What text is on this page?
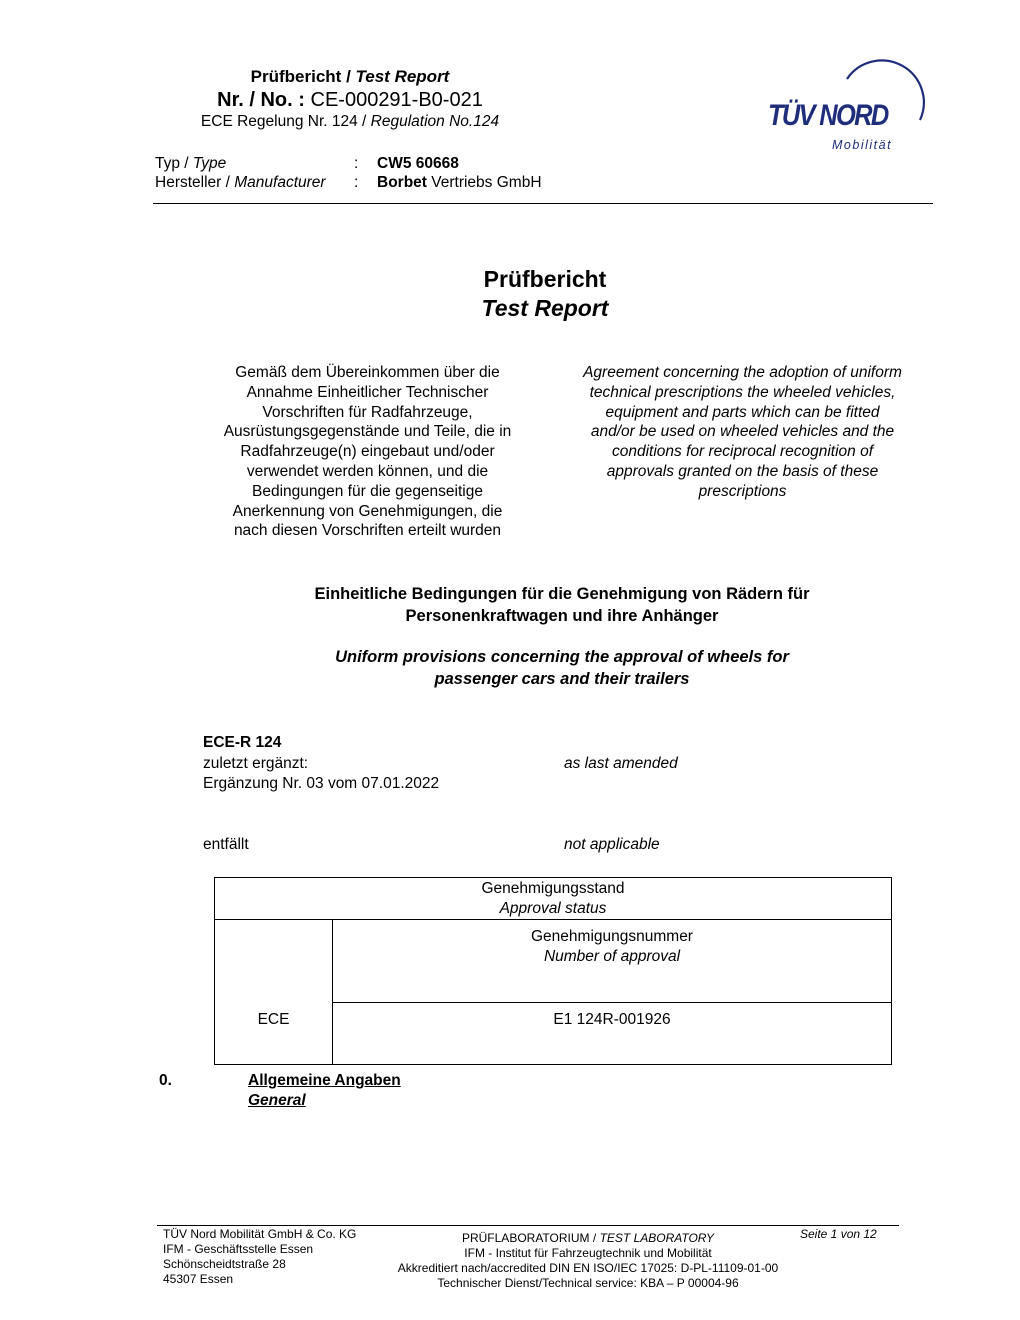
Prüfbericht / Test Report
Nr. / No. : CE-000291-B0-021
ECE Regelung Nr. 124 / Regulation No.124
Typ / Type	: CW5 60668
Hersteller / Manufacturer : Borbet Vertriebs GmbH
TÜV NORD
Mobilität
Prüfbericht
Test Report
Gemäß dem Übereinkommen über die
Annahme Einheitlicher Technischer
Vorschriften für Radfahrzeuge,
Ausrüstungsgegenstände und Teile, die in
Radfahrzeuge(n) eingebaut und/oder
verwendet werden können, und die
Bedingungen für die gegenseitige
Anerkennung von Genehmigungen, die
nach diesen Vorschriften erteilt wurden
Agreement concerning the adoption of uniform
technical prescriptions the wheeled vehicles,
equipment and parts which can be fitted
and/or be used on wheeled vehicles and the
conditions for reciprocal recognition of
approvals granted on the basis of these
prescriptions
Einheitliche Bedingungen für die Genehmigung von Rädern für
Personenkraftwagen und ihre Anhänger
Uniform provisions concerning the approval of wheels for
passenger cars and their trailers
ECE-R 124
zuletzt ergänzt:	as last amended
Ergänzung Nr. 03 vom 07.01.2022
entfällt	not applicable
Genehmigungsstand
Approval status
Genehmigungsnummer
Number of approval
ECE	E1 124R-001926
0.	Allgemeine Angaben
General
TÜV Nord Mobilität GmbH & Co. KG
IFM - Geschäftsstelle Essen
Schönscheidtstraße 28
45307 Essen
PRÜFLABORATORIUM / TEST LABORATORY
IFM - Institut für Fahrzeugtechnik und Mobilität
Akkreditiert nach/accredited DIN EN ISO/IEC 17025: D-PL-11109-01-00
Technischer Dienst/Technical service: KBA – P 00004-96
Seite 1 von 12
